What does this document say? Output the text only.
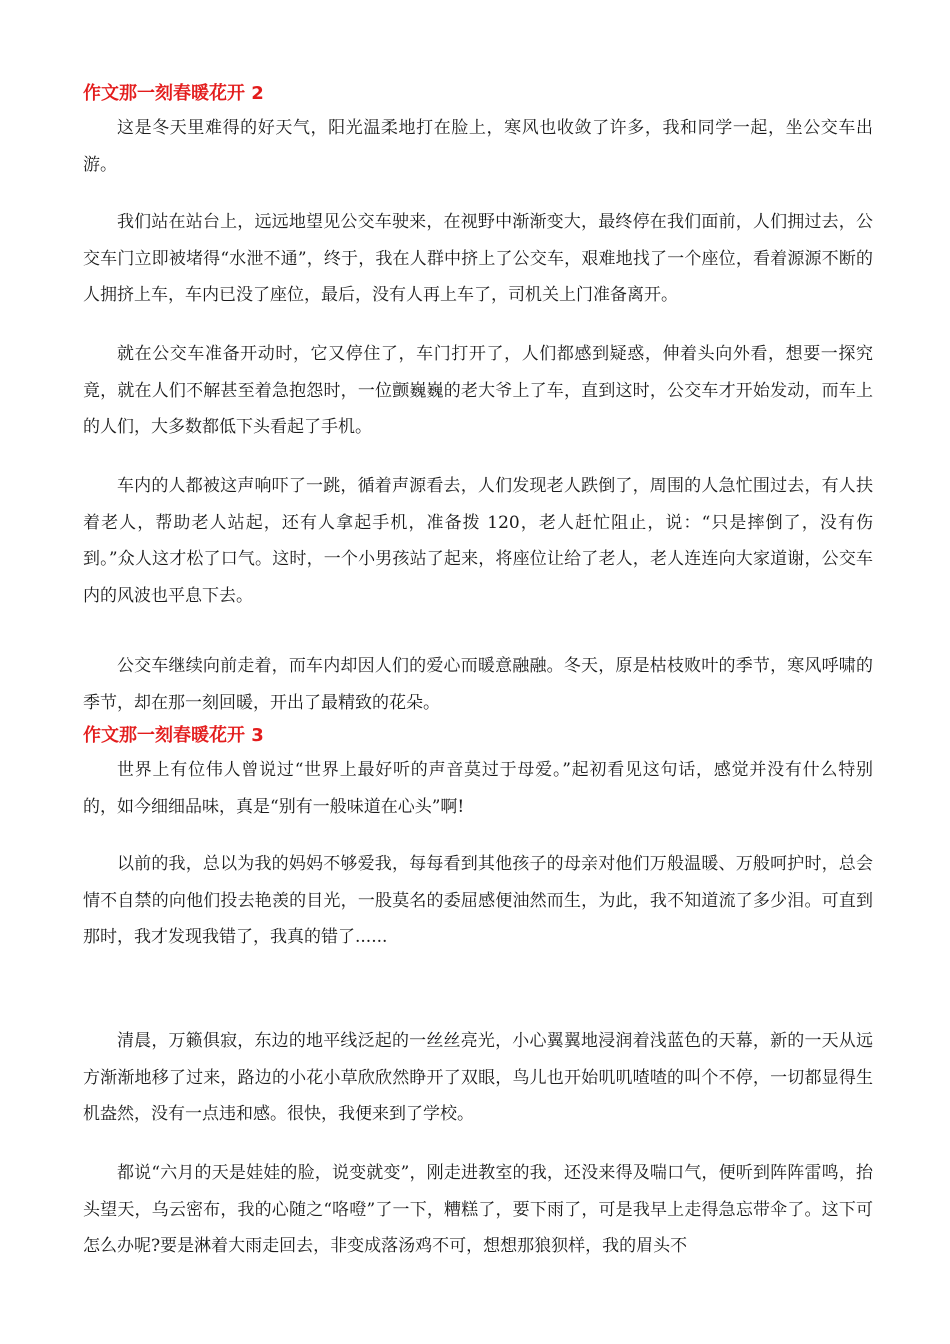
作文那一刻春暖花开 2

这是冬天里难得的好天气，阳光温柔地打在脸上，寒风也收敛了许多，我和同学一起，坐公交车出游。

我们站在站台上，远远地望见公交车驶来，在视野中渐渐变大，最终停在我们面前，人们拥过去，公交车门立即被堵得“水泄不通”，终于，我在人群中挤上了公交车，艰难地找了一个座位，看着源源不断的人拥挤上车，车内已没了座位，最后，没有人再上车了，司机关上门准备离开。

就在公交车准备开动时，它又停住了，车门打开了，人们都感到疑惑，伸着头向外看，想要一探究竟，就在人们不解甚至着急抱怨时，一位颤巍巍的老大爷上了车，直到这时，公交车才开始发动，而车上的人们，大多数都低下头看起了手机。

车内的人都被这声响吓了一跳，循着声源看去，人们发现老人跌倒了，周围的人急忙围过去，有人扶着老人，帮助老人站起，还有人拿起手机，准备拨 120，老人赶忙阻止，说：“只是摔倒了，没有伤到。”众人这才松了口气。这时，一个小男孩站了起来，将座位让给了老人，老人连连向大家道谢，公交车内的风波也平息下去。

公交车继续向前走着，而车内却因人们的爱心而暖意融融。冬天，原是枯枝败叶的季节，寒风呼啸的季节，却在那一刻回暖，开出了最精致的花朵。

作文那一刻春暖花开 3

世界上有位伟人曾说过“世界上最好听的声音莫过于母爱。”起初看见这句话，感觉并没有什么特别的，如今细细品味，真是“别有一般味道在心头”啊!

以前的我，总以为我的妈妈不够爱我，每每看到其他孩子的母亲对他们万般温暖、万般呵护时，总会情不自禁的向他们投去艳羡的目光，一股莫名的委屈感便油然而生，为此，我不知道流了多少泪。可直到那时，我才发现我错了，我真的错了......

清晨，万籁俱寂，东边的地平线泛起的一丝丝亮光，小心翼翼地浸润着浅蓝色的天幕，新的一天从远方渐渐地移了过来，路边的小花小草欣欣然睁开了双眼，鸟儿也开始叽叽喳喳的叫个不停，一切都显得生机盎然，没有一点违和感。很快，我便来到了学校。

都说“六月的天是娃娃的脸，说变就变”，刚走进教室的我，还没来得及喘口气，便听到阵阵雷鸣，抬头望天，乌云密布，我的心随之“咯噔”了一下，糟糕了，要下雨了，可是我早上走得急忘带伞了。这下可怎么办呢?要是淋着大雨走回去，非变成落汤鸡不可，想想那狼狈样，我的眉头不
